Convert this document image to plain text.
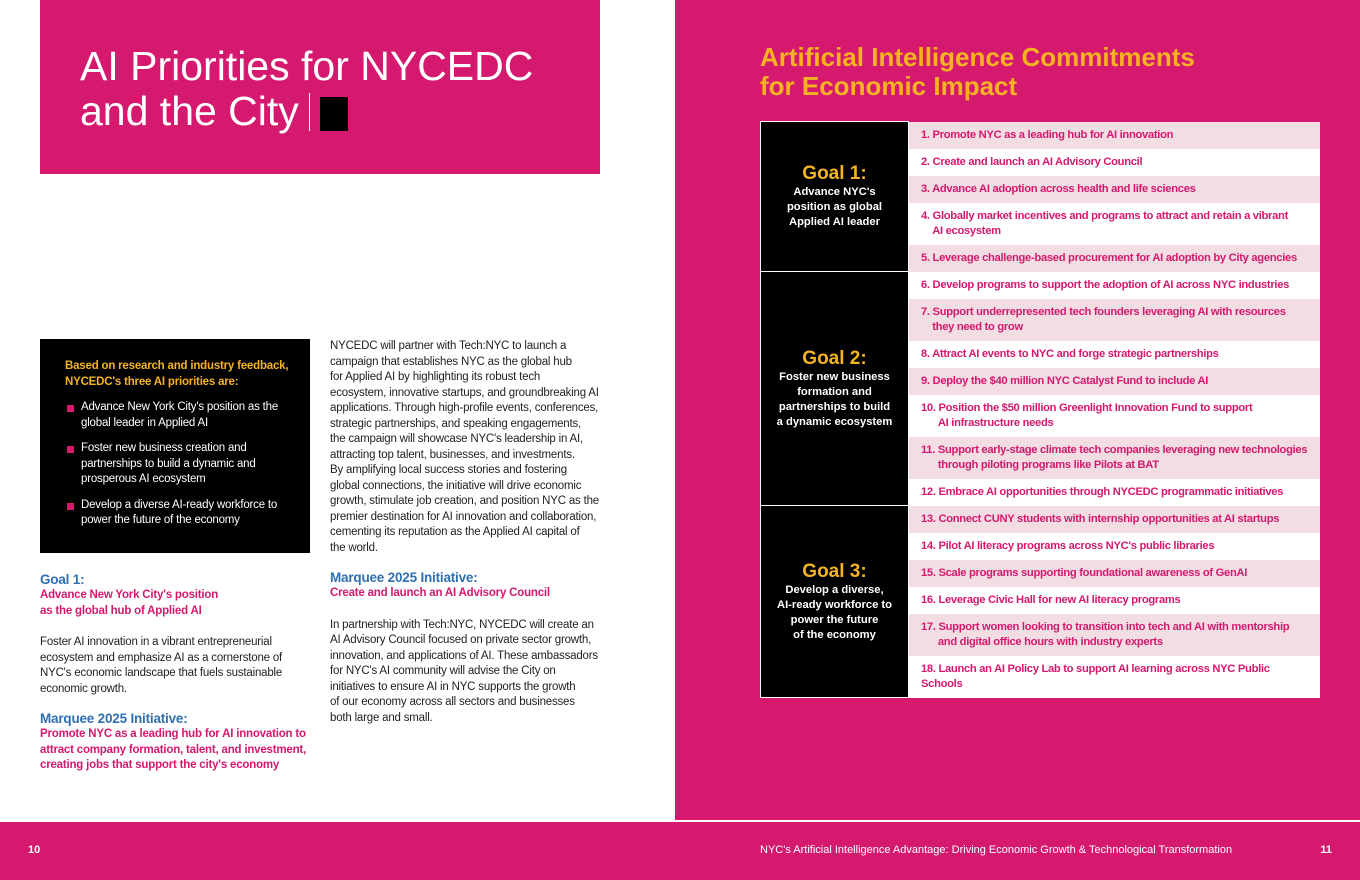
AI Priorities for NYCEDC
and the City
Based on research and industry feedback,
NYCEDC's three AI priorities are:
Advance New York City's position as the
global leader in Applied AI
Foster new business creation and
partnerships to build a dynamic and
prosperous AI ecosystem
Develop a diverse AI-ready workforce to
power the future of the economy
Goal 1:
Advance New York City's position
as the global hub of Applied AI
Foster AI innovation in a vibrant entrepreneurial
ecosystem and emphasize AI as a cornerstone of
NYC's economic landscape that fuels sustainable
economic growth.
Marquee 2025 Initiative:
Promote NYC as a leading hub for AI innovation to
attract company formation, talent, and investment,
creating jobs that support the city's economy
NYCEDC will partner with Tech:NYC to launch a
campaign that establishes NYC as the global hub
for Applied AI by highlighting its robust tech
ecosystem, innovative startups, and groundbreaking AI
applications. Through high-profile events, conferences,
strategic partnerships, and speaking engagements,
the campaign will showcase NYC's leadership in AI,
attracting top talent, businesses, and investments.
By amplifying local success stories and fostering
global connections, the initiative will drive economic
growth, stimulate job creation, and position NYC as the
premier destination for AI innovation and collaboration,
cementing its reputation as the Applied AI capital of
the world.
Marquee 2025 Initiative:
Create and launch an AI Advisory Council
In partnership with Tech:NYC, NYCEDC will create an
AI Advisory Council focused on private sector growth,
innovation, and applications of AI. These ambassadors
for NYC's AI community will advise the City on
initiatives to ensure AI in NYC supports the growth
of our economy across all sectors and businesses
both large and small.
Artificial Intelligence Commitments
for Economic Impact
Goal 1:
Advance NYC's
position as global
Applied AI leader	1. Promote NYC as a leading hub for AI innovation
	2. Create and launch an AI Advisory Council
	3. Advance AI adoption across health and life sciences
	4. Globally market incentives and programs to attract and retain a vibrant
AI ecosystem
	5. Leverage challenge-based procurement for AI adoption by City agencies

Goal 2:
Foster new business
formation and
partnerships to build
a dynamic ecosystem	6. Develop programs to support the adoption of AI across NYC industries
	7. Support underrepresented tech founders leveraging AI with resources
they need to grow
	8. Attract AI events to NYC and forge strategic partnerships
	9. Deploy the $40 million NYC Catalyst Fund to include AI
	10. Position the $50 million Greenlight Innovation Fund to support
AI infrastructure needs
	11. Support early-stage climate tech companies leveraging new technologies
through piloting programs like Pilots at BAT
	12. Embrace AI opportunities through NYCEDC programmatic initiatives

Goal 3:
Develop a diverse,
AI-ready workforce to
power the future
of the economy	13. Connect CUNY students with internship opportunities at AI startups
	14. Pilot AI literacy programs across NYC's public libraries
	15. Scale programs supporting foundational awareness of GenAI
	16. Leverage Civic Hall for new AI literacy programs
	17. Support women looking to transition into tech and AI with mentorship
and digital office hours with industry experts
	18. Launch an AI Policy Lab to support AI learning across NYC Public Schools
10	NYC's Artificial Intelligence Advantage: Driving Economic Growth & Technological Transformation	11
